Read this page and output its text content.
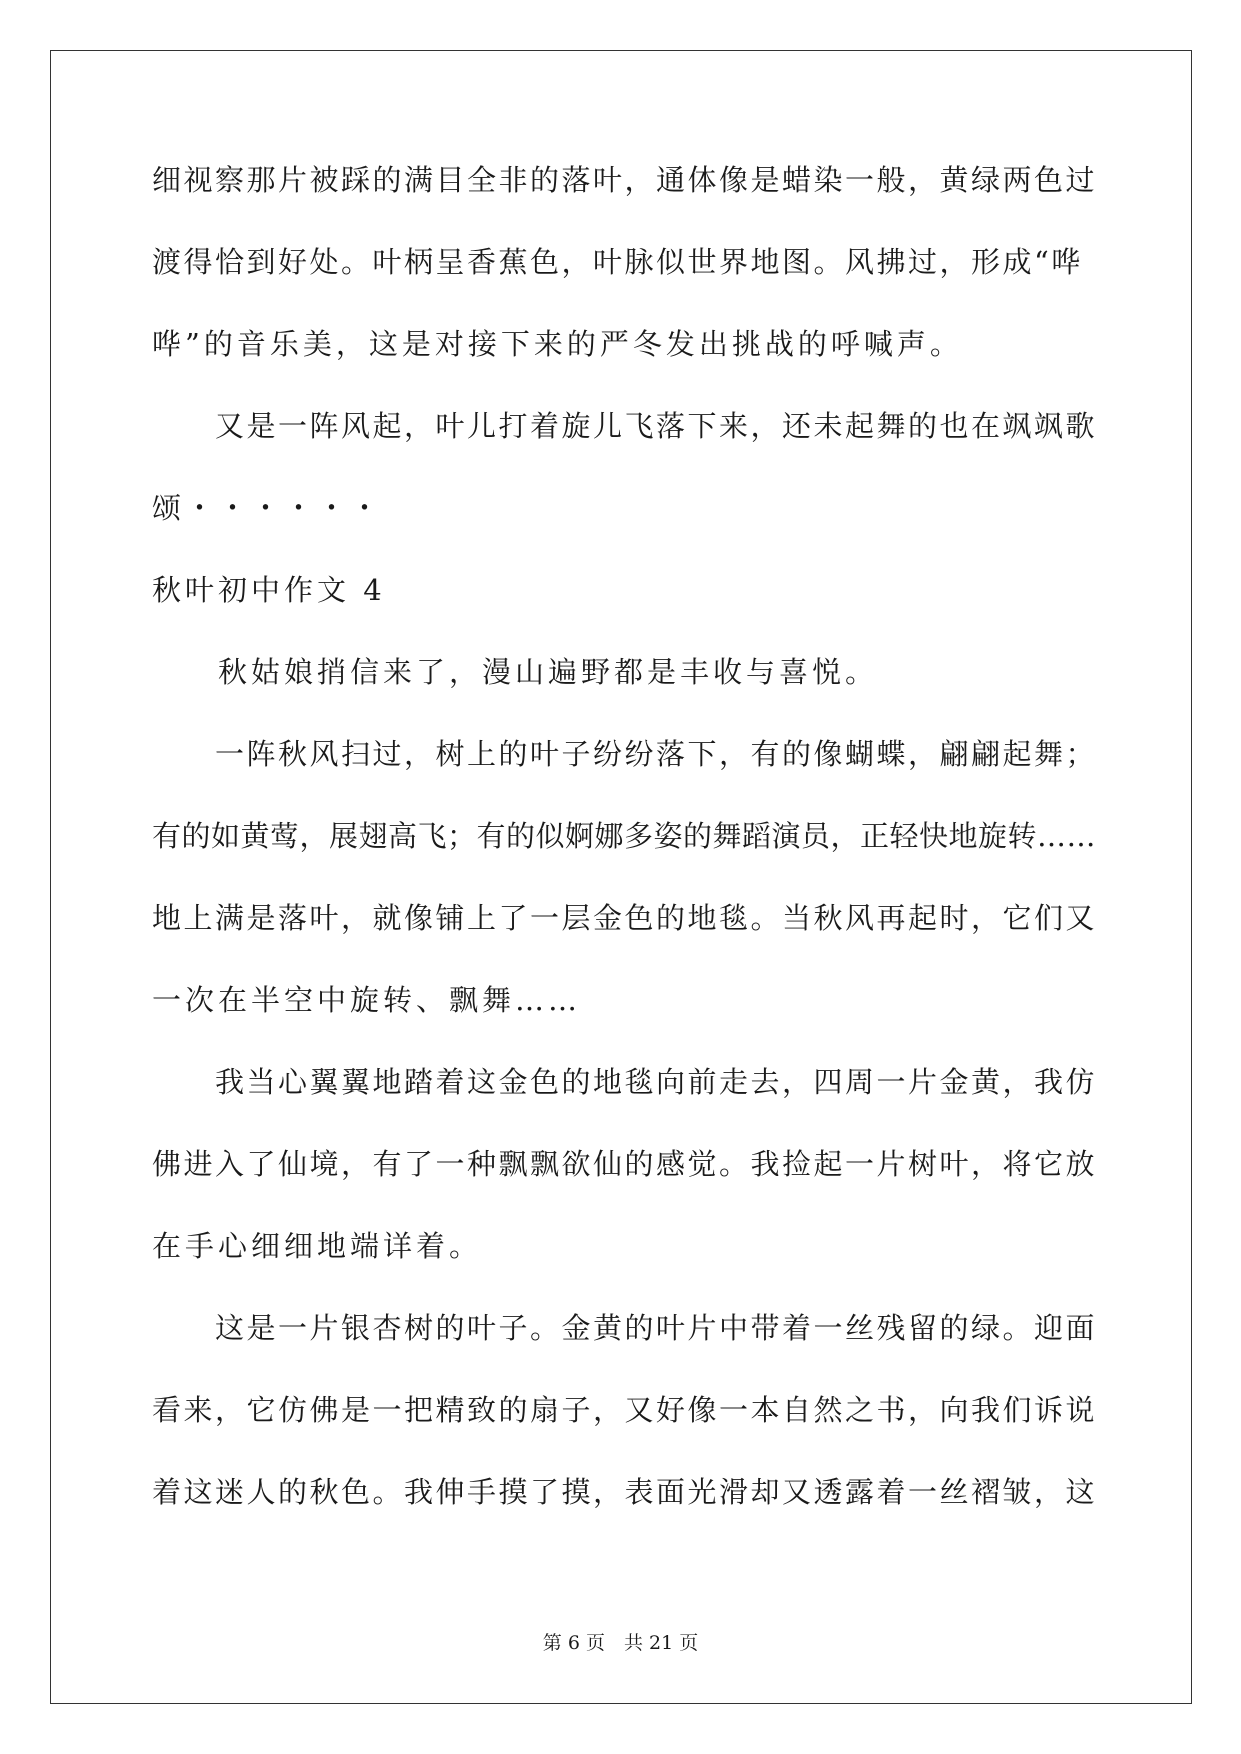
细视察那片被踩的满目全非的落叶，通体像是蜡染一般，黄绿两色过
渡得恰到好处。叶柄呈香蕉色，叶脉似世界地图。风拂过，形成“哗
哗”的音乐美，这是对接下来的严冬发出挑战的呼喊声。
　　又是一阵风起，叶儿打着旋儿飞落下来，还未起舞的也在飒飒歌
颂・・・・・・
秋叶初中作文 4
　　秋姑娘捎信来了，漫山遍野都是丰收与喜悦。
　　一阵秋风扫过，树上的叶子纷纷落下，有的像蝴蝶，翩翩起舞；
有的如黄莺，展翅高飞；有的似婀娜多姿的舞蹈演员，正轻快地旋转……
地上满是落叶，就像铺上了一层金色的地毯。当秋风再起时，它们又
一次在半空中旋转、飘舞……
　　我当心翼翼地踏着这金色的地毯向前走去，四周一片金黄，我仿
佛进入了仙境，有了一种飘飘欲仙的感觉。我捡起一片树叶，将它放
在手心细细地端详着。
　　这是一片银杏树的叶子。金黄的叶片中带着一丝残留的绿。迎面
看来，它仿佛是一把精致的扇子，又好像一本自然之书，向我们诉说
着这迷人的秋色。我伸手摸了摸，表面光滑却又透露着一丝褶皱，这
第 6 页　共 21 页
